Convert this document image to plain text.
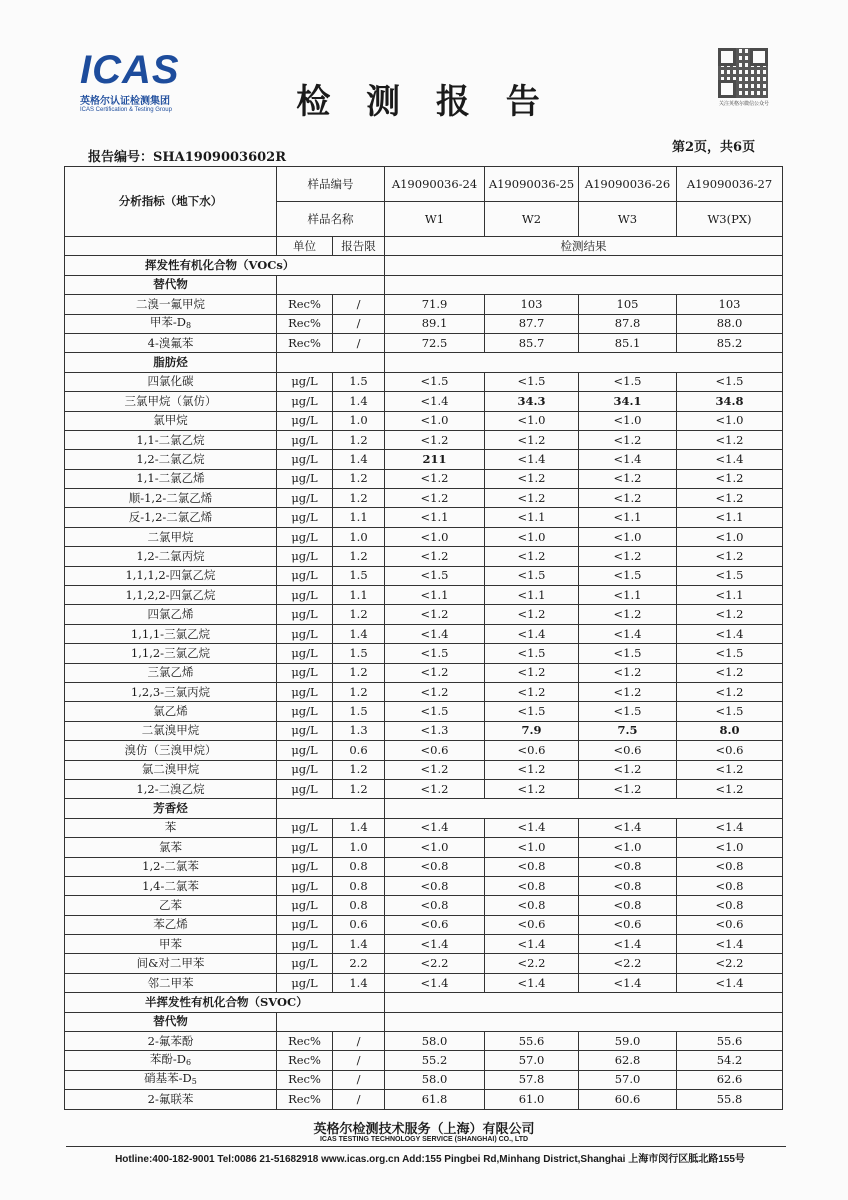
ICAS
英格尔认证检测集团
ICAS Certification & Testing Group	检 测 报 告	关注英格尔微信公众号
报告编号：SHA1909003602R
第2页，共6页
分析指标（地下水）	样品编号		A19090036-24	A19090036-25	A19090036-26	A19090036-27
	样品名称		W1	W2	W3	W3(PX)
	单位	报告限	检测结果			
挥发性有机化合物（VOCs）						
替代物						
二溴一氟甲烷	Rec%	/	71.9	103	105	103
甲苯$-D_8$	Rec%	/	89.1	87.7	87.8	88.0
4-溴氟苯	Rec%	/	72.5	85.7	85.1	85.2
脂肪烃						
四氯化碳	μg/L	1.5	<1.5	<1.5	<1.5	<1.5
三氯甲烷（氯仿）	μg/L	1.4	<1.4	34.3	34.1	34.8
氯甲烷	μg/L	1.0	<1.0	<1.0	<1.0	<1.0
1,1-二氯乙烷	μg/L	1.2	<1.2	<1.2	<1.2	<1.2
1,2-二氯乙烷	μg/L	1.4	211	<1.4	<1.4	<1.4
1,1-二氯乙烯	μg/L	1.2	<1.2	<1.2	<1.2	<1.2
顺-1,2-二氯乙烯	μg/L	1.2	<1.2	<1.2	<1.2	<1.2
反-1,2-二氯乙烯	μg/L	1.1	<1.1	<1.1	<1.1	<1.1
二氯甲烷	μg/L	1.0	<1.0	<1.0	<1.0	<1.0
1,2-二氯丙烷	μg/L	1.2	<1.2	<1.2	<1.2	<1.2
1,1,1,2-四氯乙烷	μg/L	1.5	<1.5	<1.5	<1.5	<1.5
1,1,2,2-四氯乙烷	μg/L	1.1	<1.1	<1.1	<1.1	<1.1
四氯乙烯	μg/L	1.2	<1.2	<1.2	<1.2	<1.2
1,1,1-三氯乙烷	μg/L	1.4	<1.4	<1.4	<1.4	<1.4
1,1,2-三氯乙烷	μg/L	1.5	<1.5	<1.5	<1.5	<1.5
三氯乙烯	μg/L	1.2	<1.2	<1.2	<1.2	<1.2
1,2,3-三氯丙烷	μg/L	1.2	<1.2	<1.2	<1.2	<1.2
氯乙烯	μg/L	1.5	<1.5	<1.5	<1.5	<1.5
二氯溴甲烷	μg/L	1.3	<1.3	7.9	7.5	8.0
溴仿（三溴甲烷）	μg/L	0.6	<0.6	<0.6	<0.6	<0.6
氯二溴甲烷	μg/L	1.2	<1.2	<1.2	<1.2	<1.2
1,2-二溴乙烷	μg/L	1.2	<1.2	<1.2	<1.2	<1.2
芳香烃						
苯	μg/L	1.4	<1.4	<1.4	<1.4	<1.4
氯苯	μg/L	1.0	<1.0	<1.0	<1.0	<1.0
1,2-二氯苯	μg/L	0.8	<0.8	<0.8	<0.8	<0.8
1,4-二氯苯	μg/L	0.8	<0.8	<0.8	<0.8	<0.8
乙苯	μg/L	0.8	<0.8	<0.8	<0.8	<0.8
苯乙烯	μg/L	0.6	<0.6	<0.6	<0.6	<0.6
甲苯	μg/L	1.4	<1.4	<1.4	<1.4	<1.4
间&对二甲苯	μg/L	2.2	<2.2	<2.2	<2.2	<2.2
邻二甲苯	μg/L	1.4	<1.4	<1.4	<1.4	<1.4
半挥发性有机化合物（SVOC）						
替代物						
2-氟苯酚	Rec%	/	58.0	55.6	59.0	55.6
苯酚$-D_6$	Rec%	/	55.2	57.0	62.8	54.2
硝基苯$-D_5$	Rec%	/	58.0	57.8	57.0	62.6
2-氟联苯	Rec%	/	61.8	61.0	60.6	55.8
英格尔检测技术服务（上海）有限公司
ICAS TESTING TECHNOLOGY SERVICE (SHANGHAI) CO., LTD
Hotline:400-182-9001 Tel:0086 21-51682918 www.icas.org.cn Add:155 Pingbei Rd,Minhang District,Shanghai 上海市闵行区胝北路155号
